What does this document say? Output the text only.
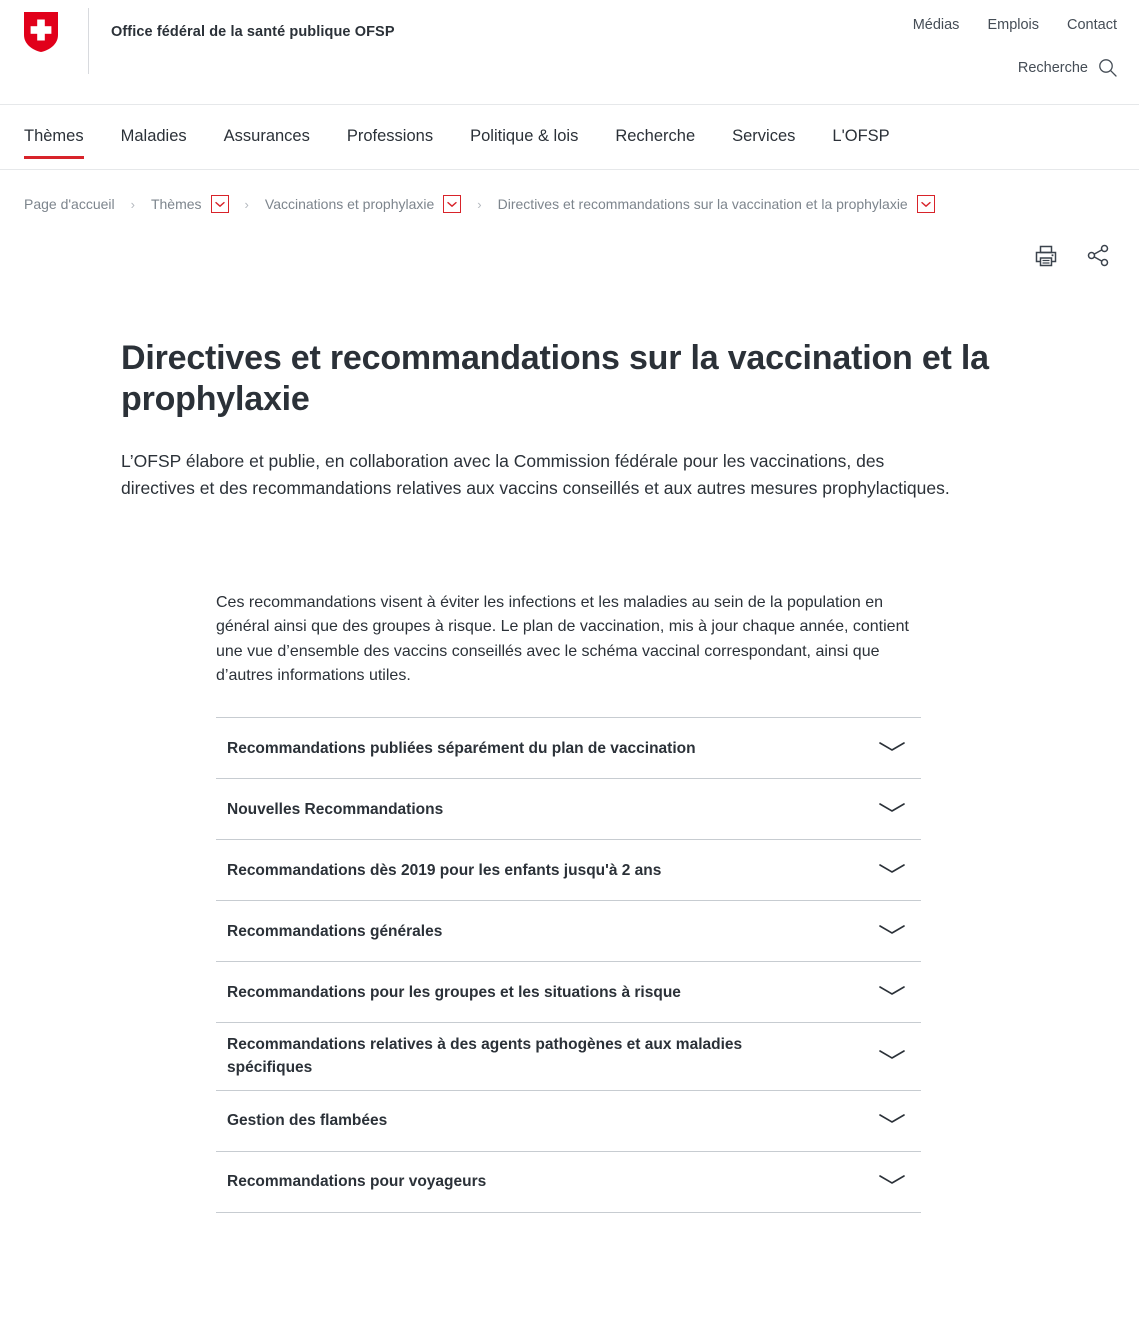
Office fédéral de la santé publique OFSP	Médias Emplois Contact
Recherche
Thèmes Maladies Assurances Professions Politique & lois Recherche Services L'OFSP
Page d'accueil › Thèmes	› Vaccinations et prophylaxie	› Directives et recommandations sur la vaccination et la prophylaxie
Directives et recommandations sur la vaccination et la prophylaxie

L’OFSP élabore et publie, en collaboration avec la Commission fédérale pour les vaccinations, des directives et des recommandations relatives aux vaccins conseillés et aux autres mesures prophylactiques.

Ces recommandations visent à éviter les infections et les maladies au sein de la population en général ainsi que des groupes à risque. Le plan de vaccination, mis à jour chaque année, contient une vue d’ensemble des vaccins conseillés avec le schéma vaccinal correspondant, ainsi que d’autres informations utiles.

Recommandations publiées séparément du plan de vaccination
Nouvelles Recommandations
Recommandations dès 2019 pour les enfants jusqu'à 2 ans
Recommandations générales
Recommandations pour les groupes et les situations à risque
Recommandations relatives à des agents pathogènes et aux maladies spécifiques
Gestion des flambées
Recommandations pour voyageurs
